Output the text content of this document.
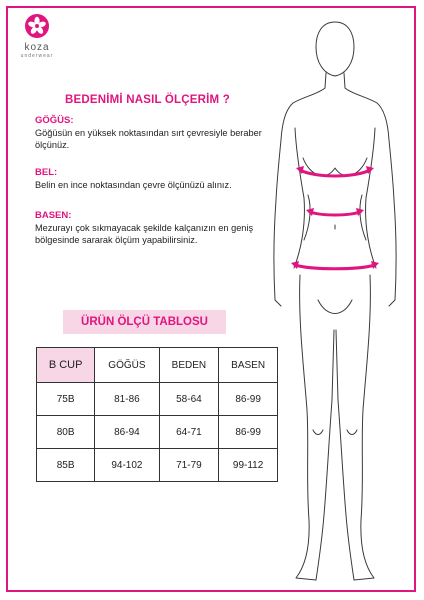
koza
underwear
BEDENİMİ NASIL ÖLÇERİM ?
GÖĞÜS:
Göğüsün en yüksek noktasından sırt çevresiyle beraber ölçünüz.
BEL:
Belin en ince noktasından çevre ölçünüzü alınız.
BASEN:
Mezurayı çok sıkmayacak şekilde kalçanızın en geniş bölgesinde sararak ölçüm yapabilirsiniz.
ÜRÜN ÖLÇÜ TABLOSU
B CUP	GÖĞÜS	BEDEN	BASEN
75B	81-86	58-64	86-99
80B	86-94	64-71	86-99
85B	94-102	71-79	99-112
